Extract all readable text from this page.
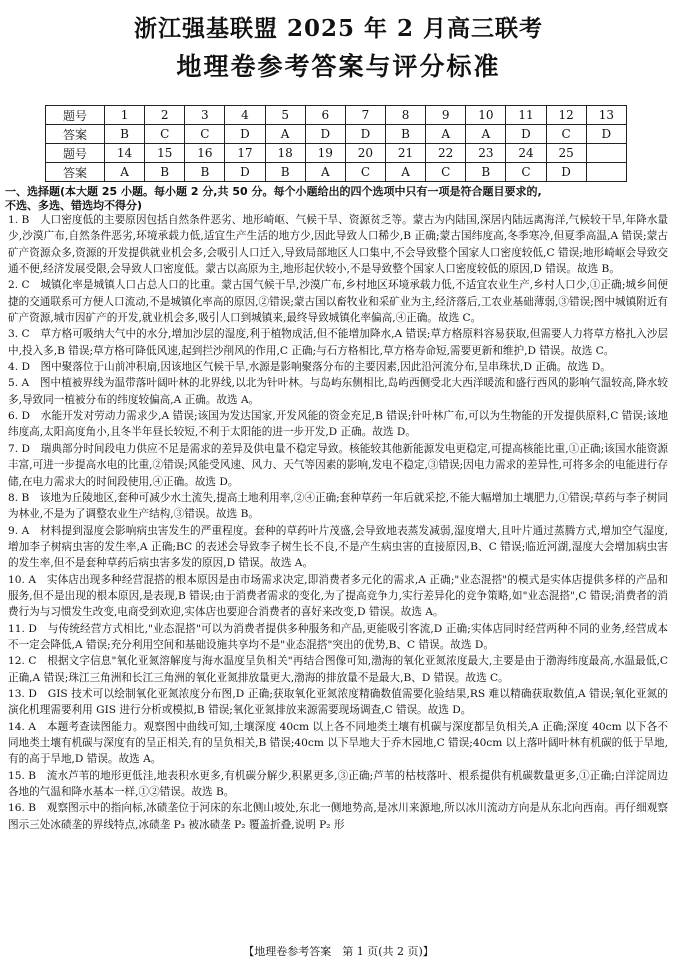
浙江强基联盟 2025 年 2 月高三联考
地理卷参考答案与评分标准
题号	1	2	3	4	5	6	7	8	9	10	11	12	13
答案	B	C	C	D	A	D	D	B	A	A	D	C	D
题号	14	15	16	17	18	19	20	21	22	23	24	25	
答案	A	B	B	D	B	A	C	A	C	B	C	D	
一、选择题(本大题 25 小题。每小题 2 分,共 50 分。每个小题给出的四个选项中只有一项是符合题目要求的,
不选、多选、错选均不得分)

1. B　人口密度低的主要原因包括自然条件恶劣、地形崎岖、气候干旱、资源贫乏等。蒙古为内陆国,深居内陆远离海洋,气候较干旱,年降水量少,沙漠广布,自然条件恶劣,环境承载力低,适宜生产生活的地方少,因此导致人口稀少,B 正确;蒙古国纬度高,冬季寒冷,但夏季高温,A 错误;蒙古矿产资源众多,资源的开发提供就业机会多,会吸引人口迁入,导致局部地区人口集中,不会导致整个国家人口密度较低,C 错误;地形崎岖会导致交通不便,经济发展受限,会导致人口密度低。蒙古以高原为主,地形起伏较小,不是导致整个国家人口密度较低的原因,D 错误。故选 B。

2. C　城镇化率是城镇人口占总人口的比重。蒙古国气候干旱,沙漠广布,乡村地区环境承载力低,不适宜农业生产,乡村人口少,①正确;城乡间便捷的交通联系可方便人口流动,不是城镇化率高的原因,②错误;蒙古国以畜牧业和采矿业为主,经济落后,工农业基础薄弱,③错误;图中城镇附近有矿产资源,城市因矿产的开发,就业机会多,吸引人口到城镇来,最终导致城镇化率偏高,④正确。故选 C。

3. C　草方格可吸纳大气中的水分,增加沙层的湿度,利于植物成活,但不能增加降水,A 错误;草方格原料容易获取,但需要人力将草方格扎入沙层中,投入多,B 错误;草方格可降低风速,起到拦沙削风的作用,C 正确;与石方格相比,草方格寿命短,需要更新和维护,D 错误。故选 C。

4. D　图中聚落位于山前冲积扇,因该地区气候干旱,水源是影响聚落分布的主要因素,因此沿河流分布,呈串珠状,D 正确。故选 D。

5. A　图中植被界线为温带落叶阔叶林的北界线,以北为针叶林。与岛屿东侧相比,岛屿西侧受北大西洋暖流和盛行西风的影响气温较高,降水较多,导致同一植被分布的纬度较偏高,A 正确。故选 A。

6. D　水能开发对劳动力需求少,A 错误;该国为发达国家,开发风能的资金充足,B 错误;针叶林广布,可以为生物能的开发提供原料,C 错误;该地纬度高,太阳高度角小,且冬半年昼长较短,不利于太阳能的进一步开发,D 正确。故选 D。

7. D　瑞典部分时间段电力供应不足是需求的差异及供电量不稳定导致。核能较其他新能源发电更稳定,可提高核能比重,①正确;该国水能资源丰富,可进一步提高水电的比重,②错误;风能受风速、风力、天气等因素的影响,发电不稳定,③错误;因电力需求的差异性,可将多余的电能进行存储,在电力需求大的时间段使用,④正确。故选 D。

8. B　该地为丘陵地区,套种可减少水土流失,提高土地利用率,②④正确;套种草药一年后就采挖,不能大幅增加土壤肥力,①错误;草药与李子树同为林业,不是为了调整农业生产结构,③错误。故选 B。

9. A　材料提到湿度会影响病虫害发生的严重程度。套种的草药叶片茂盛,会导致地表蒸发减弱,湿度增大,且叶片通过蒸腾方式,增加空气湿度,增加李子树病虫害的发生率,A 正确;BC 的表述会导致李子树生长不良,不是产生病虫害的直接原因,B、C 错误;临近河湖,湿度大会增加病虫害的发生率,但不是套种草药后病虫害多发的原因,D 错误。故选 A。

10. A　实体店出现多种经营混搭的根本原因是由市场需求决定,即消费者多元化的需求,A 正确;"业态混搭"的模式是实体店提供多样的产品和服务,但不是出现的根本原因,是表现,B 错误;由于消费者需求的变化,为了提高竞争力,实行差异化的竞争策略,如"业态混搭",C 错误;消费者的消费行为与习惯发生改变,电商受到欢迎,实体店也要迎合消费者的喜好来改变,D 错误。故选 A。

11. D　与传统经营方式相比,"业态混搭"可以为消费者提供多种服务和产品,更能吸引客流,D 正确;实体店同时经营两种不同的业务,经营成本不一定会降低,A 错误;充分利用空间和基础设施共享均不是"业态混搭"突出的优势,B、C 错误。故选 D。

12. C　根据文字信息"氧化亚氮溶解度与海水温度呈负相关"再结合图像可知,渤海的氧化亚氮浓度最大,主要是由于渤海纬度最高,水温最低,C 正确,A 错误;珠江三角洲和长江三角洲的氧化亚氮排放量更大,渤海的排放量不是最大,B、D 错误。故选 C。

13. D　GIS 技术可以绘制氧化亚氮浓度分布图,D 正确;获取氧化亚氮浓度精确数值需要化验结果,RS 难以精确获取数值,A 错误;氧化亚氮的演化机理需要利用 GIS 进行分析或模拟,B 错误;氧化亚氮排放来源需要现场调查,C 错误。故选 D。

14. A　本题考查读图能力。观察图中曲线可知,土壤深度 40cm 以上各不同地类土壤有机碳与深度都呈负相关,A 正确;深度 40cm 以下各不同地类土壤有机碳与深度有的呈正相关,有的呈负相关,B 错误;40cm 以下旱地大于乔木园地,C 错误;40cm 以上落叶阔叶林有机碳的低于旱地,有的高于旱地,D 错误。故选 A。

15. B　流水芦苇的地形更低洼,地表积水更多,有机碳分解少,积累更多,③正确;芦苇的枯枝落叶、根系提供有机碳数量更多,①正确;白洋淀周边各地的气温和降水基本一样,①②错误。故选 B。

16. B　观察图示中的指向标,冰碛垄位于河床的东北侧山坡处,东北一侧地势高,是冰川来源地,所以冰川流动方向是从东北向西南。再仔细观察图示三处冰碛垄的界线特点,冰碛垄 P₃ 被冰碛垄 P₂ 覆盖折叠,说明 P₂ 形

【地理卷参考答案　第 1 页(共 2 页)】
